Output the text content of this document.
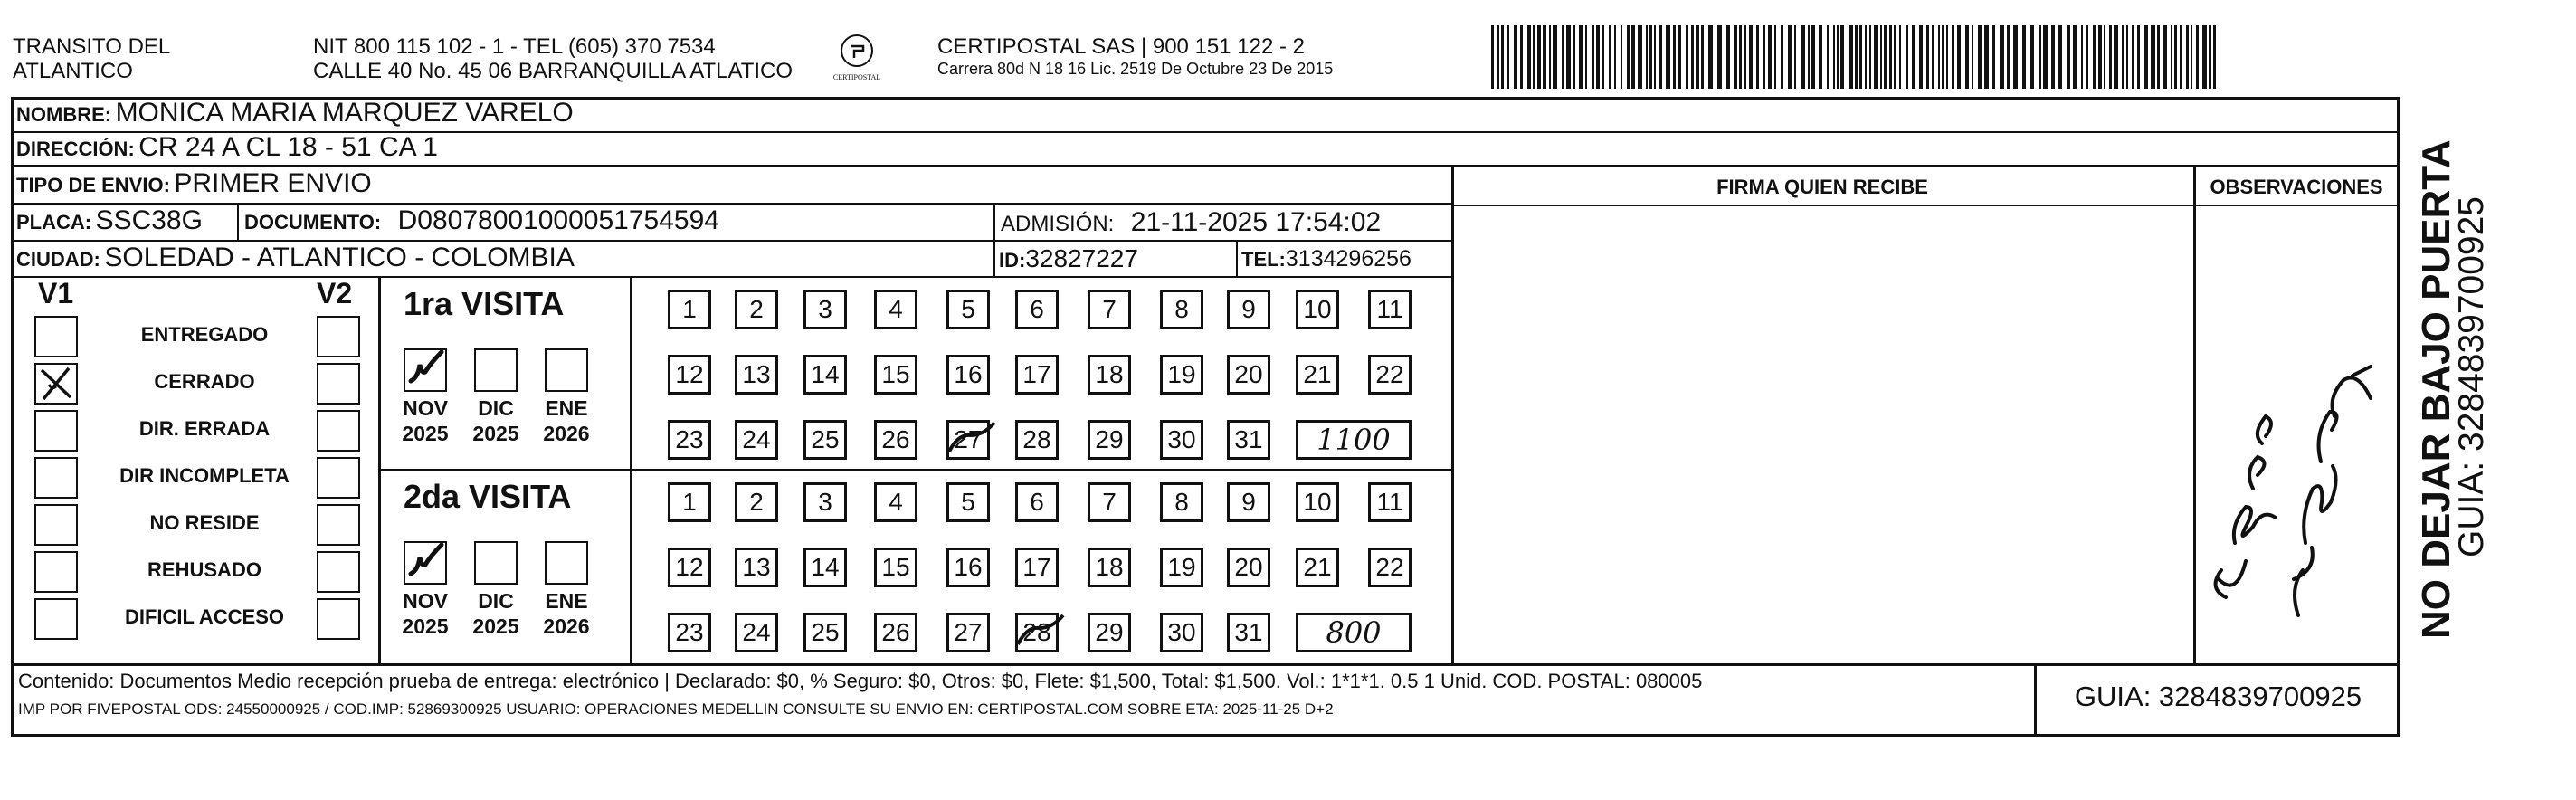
TRANSITO DEL
ATLANTICO
NIT 800 115 102 - 1 - TEL (605) 370 7534
CALLE 40 No. 45 06 BARRANQUILLA ATLATICO	CERTIPOSTAL
CERTIPOSTAL SAS | 900 151 122 - 2
Carrera 80d N 18 16 Lic. 2519 De Octubre 23 De 2015
NOMBRE: MONICA MARIA MARQUEZ VARELO
DIRECCIÓN: CR 24 A CL 18 - 51 CA 1
TIPO DE ENVIO: PRIMER ENVIO
PLACA: SSC38G DOCUMENTO: D080780010000517545​94	ADMISIÓN: 21-11-2025 17:54:02
CIUDAD: SOLEDAD - ATLANTICO - COLOMBIA	ID:32827227	TEL:3134296256
FIRMA QUIEN RECIBE	OBSERVACIONES
V1	V2
ENTREGADO
CERRADO
DIR. ERRADA
DIR INCOMPLETA
NO RESIDE
REHUSADO
DIFICIL ACCESO
1ra VISITA
NOV
2025
DIC
2025
ENE
2026
1	2	3	4	5	6	7	8	9	10	11
12	13	14	15	16	17	18	19	20	21	22
23	24	25	26	27	28	29	30	31	1100
2da VISITA
NOV
2025
DIC
2025
ENE
2026
1	2	3	4	5	6	7	8	9	10	11
12	13	14	15	16	17	18	19	20	21	22
23	24	25	26	27	28	29	30	31	800
Contenido: Documentos Medio recepción prueba de entrega: electrónico | Declarado: $0, % Seguro: $0, Otros: $0, Flete: $1,500, Total: $1,500. Vol.: 1*1*1. 0.5 1 Unid. COD. POSTAL: 080005
IMP POR FIVEPOSTAL ODS: 24550000925 / COD.IMP: 52869300925 USUARIO: OPERACIONES MEDELLIN CONSULTE SU ENVIO EN: CERTIPOSTAL.COM SOBRE ETA: 2025-11-25 D+2	GUIA: 3284839700925
NO DEJAR BAJO PUERTA
GUIA: 3284839700925
